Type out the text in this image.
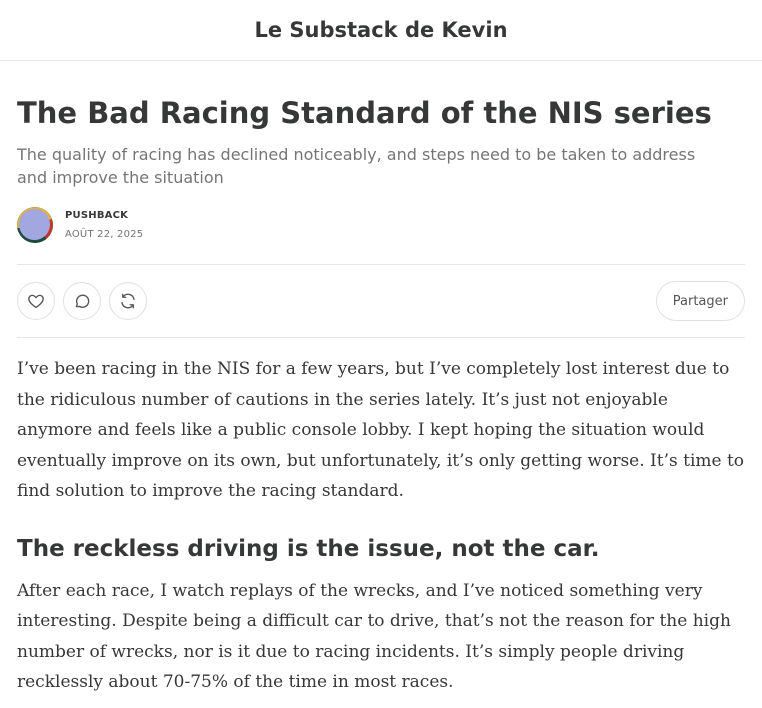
Le Substack de Kevin
The Bad Racing Standard of the NIS series
The quality of racing has declined noticeably, and steps need to be taken to address and improve the situation
PUSHBACK
AOÛT 22, 2025
Partager

I’ve been racing in the NIS for a few years, but I’ve completely lost interest due to the ridiculous number of cautions in the series lately. It’s just not enjoyable anymore and feels like a public console lobby. I kept hoping the situation would eventually improve on its own, but unfortunately, it’s only getting worse. It’s time to find solution to improve the racing standard.

The reckless driving is the issue, not the car.

After each race, I watch replays of the wrecks, and I’ve noticed something very interesting. Despite being a difficult car to drive, that’s not the reason for the high number of wrecks, nor is it due to racing incidents. It’s simply people driving recklessly about 70-75% of the time in most races.
